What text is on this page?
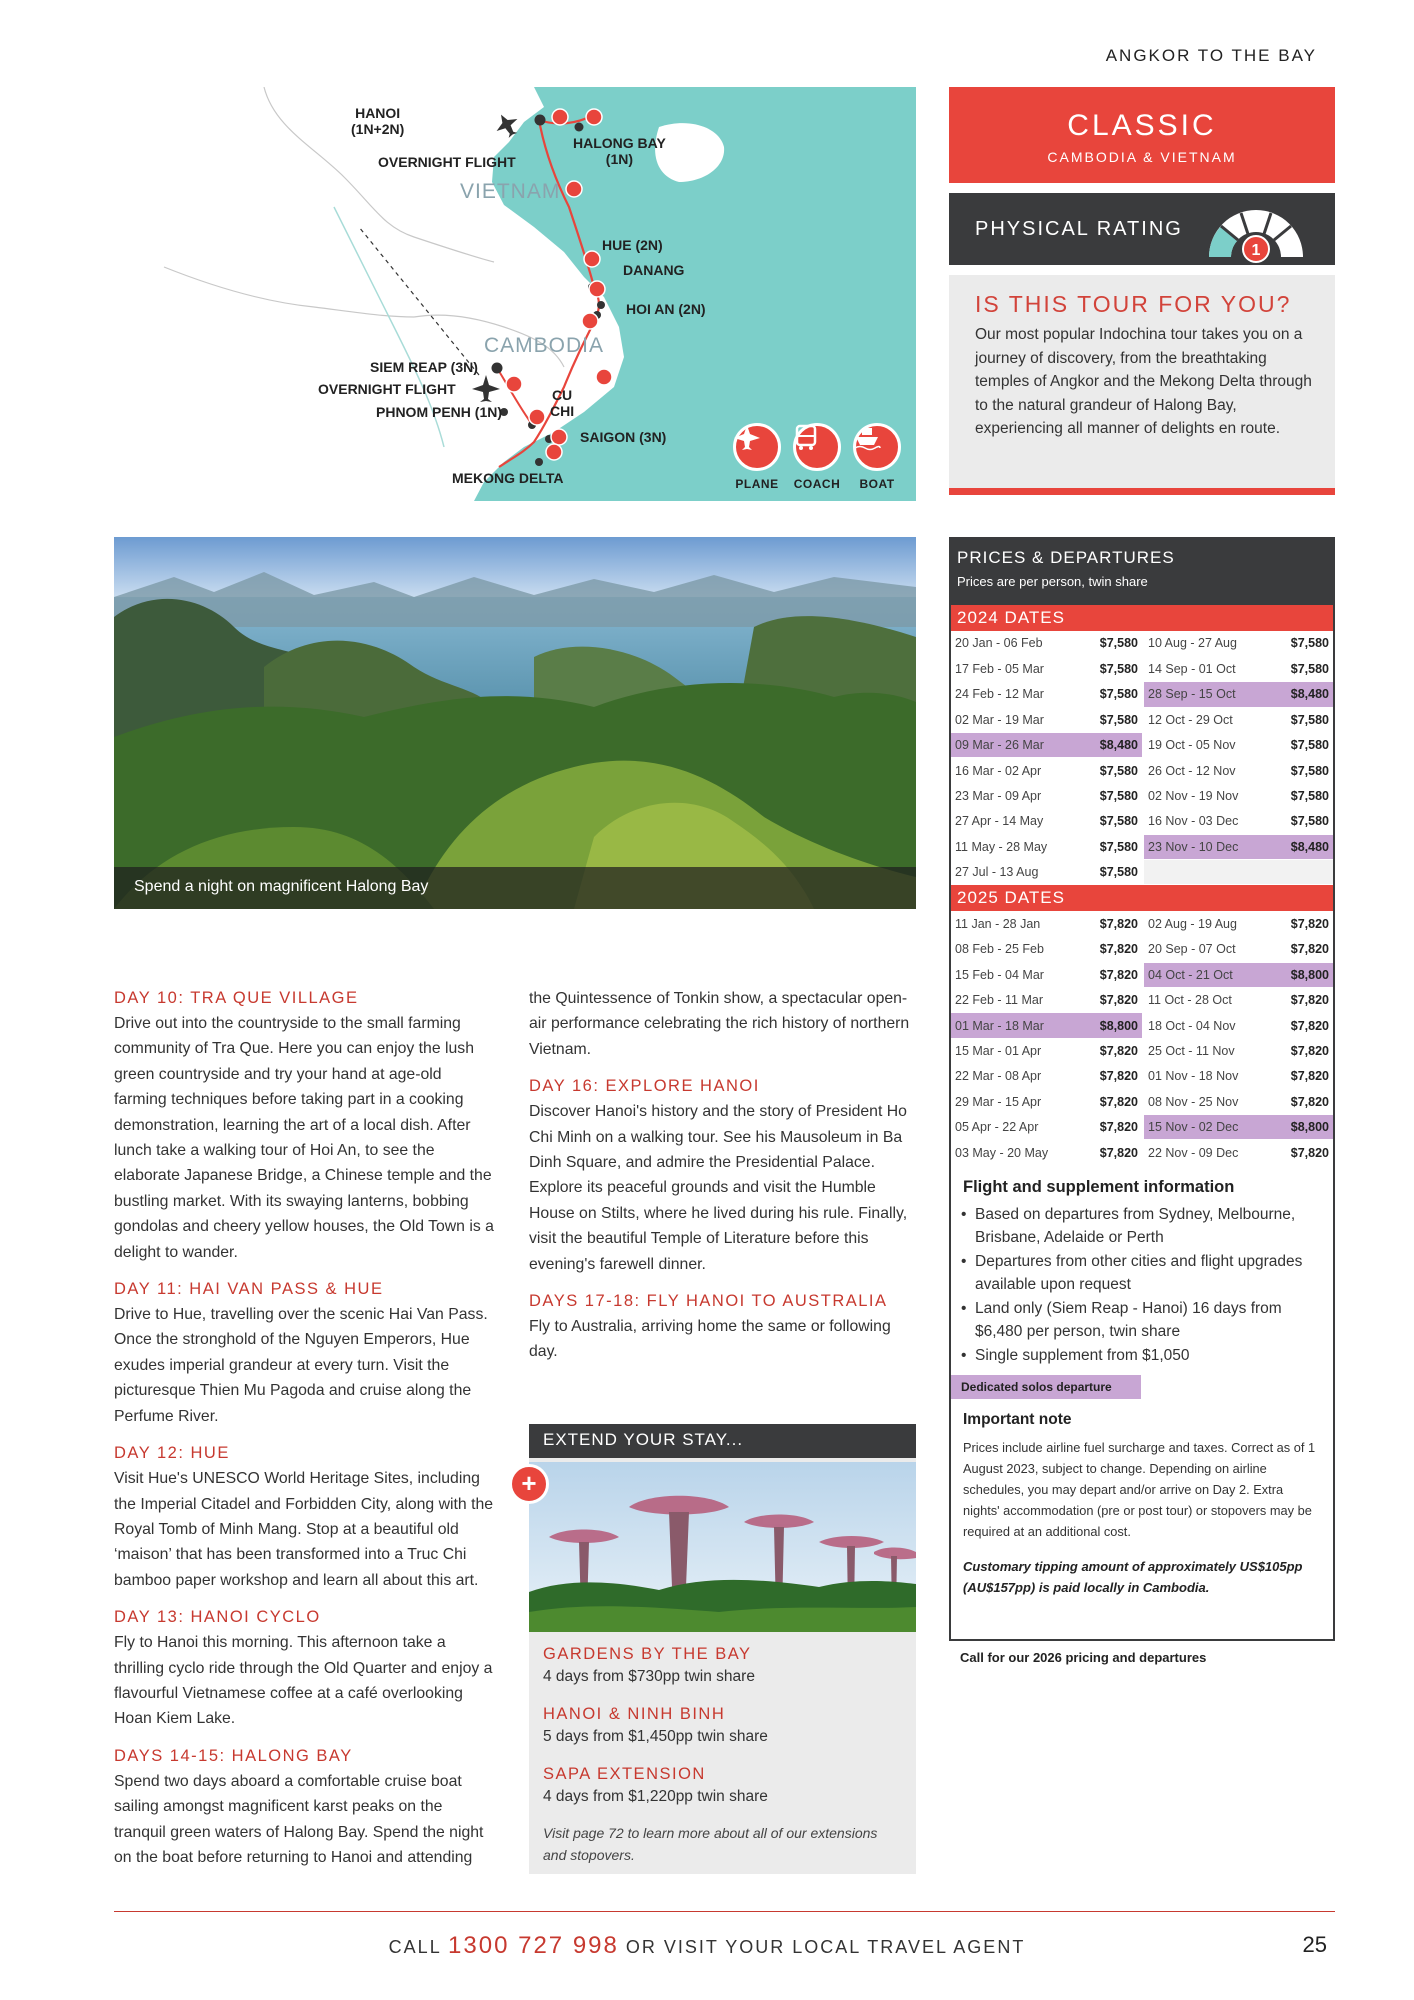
ANGKOR TO THE BAY
HANOI
(1N+2N)
OVERNIGHT FLIGHT
HALONG BAY
(1N)
VIETNAM
HUE (2N)
DANANG
HOI AN (2N)
CAMBODIA
SIEM REAP (3N)
OVERNIGHT FLIGHT
PHNOM PENH (1N)
CU
CHI
SAIGON (3N)
MEKONG DELTA	PLANE COACH	BOAT
CLASSIC
CAMBODIA & VIETNAM
PHYSICAL RATING
1
IS THIS TOUR FOR YOU?

Our most popular Indochina tour takes you on a journey of discovery, from the breathtaking temples of Angkor and the Mekong Delta through to the natural grandeur of Halong Bay, experiencing all manner of delights en route.

Spend a night on magnificent Halong Bay
PRICES & DEPARTURES
Prices are per person, twin share
2024 DATES
20 Jan - 06 Feb	$7,580	10 Aug - 27 Aug	$7,580
17 Feb - 05 Mar	$7,580	14 Sep - 01 Oct	$7,580
24 Feb - 12 Mar	$7,580	28 Sep - 15 Oct	$8,480
02 Mar - 19 Mar	$7,580	12 Oct - 29 Oct	$7,580
09 Mar - 26 Mar	$8,480	19 Oct - 05 Nov	$7,580
16 Mar - 02 Apr	$7,580	26 Oct - 12 Nov	$7,580
23 Mar - 09 Apr	$7,580	02 Nov - 19 Nov	$7,580
27 Apr - 14 May	$7,580	16 Nov - 03 Dec	$7,580
11 May - 28 May	$7,580	23 Nov - 10 Dec	$8,480
27 Jul - 13 Aug	$7,580		
2025 DATES
11 Jan - 28 Jan	$7,820	02 Aug - 19 Aug	$7,820
08 Feb - 25 Feb	$7,820	20 Sep - 07 Oct	$7,820
15 Feb - 04 Mar	$7,820	04 Oct - 21 Oct	$8,800
22 Feb - 11 Mar	$7,820	11 Oct - 28 Oct	$7,820
01 Mar - 18 Mar	$8,800	18 Oct - 04 Nov	$7,820
15 Mar - 01 Apr	$7,820	25 Oct - 11 Nov	$7,820
22 Mar - 08 Apr	$7,820	01 Nov - 18 Nov	$7,820
29 Mar - 15 Apr	$7,820	08 Nov - 25 Nov	$7,820
05 Apr - 22 Apr	$7,820	15 Nov - 02 Dec	$8,800
03 May - 20 May	$7,820	22 Nov - 09 Dec	$7,820
Flight and supplement information
• Based on departures from Sydney, Melbourne, Brisbane, Adelaide or Perth
• Departures from other cities and flight upgrades available upon request
• Land only (Siem Reap - Hanoi) 16 days from $6,480 per person, twin share
• Single supplement from $1,050
Dedicated solos departure
Important note
Prices include airline fuel surcharge and taxes. Correct as of 1 August 2023, subject to change. Depending on airline schedules, you may depart and/or arrive on Day 2. Extra nights' accommodation (pre or post tour) or stopovers may be required at an additional cost.
Customary tipping amount of approximately US$105pp (AU$157pp) is paid locally in Cambodia.
Call for our 2026 pricing and departures
DAY 10: TRA QUE VILLAGE

Drive out into the countryside to the small farming community of Tra Que. Here you can enjoy the lush green countryside and try your hand at age-old farming techniques before taking part in a cooking demonstration, learning the art of a local dish. After lunch take a walking tour of Hoi An, to see the elaborate Japanese Bridge, a Chinese temple and the bustling market. With its swaying lanterns, bobbing gondolas and cheery yellow houses, the Old Town is a delight to wander.

DAY 11: HAI VAN PASS & HUE

Drive to Hue, travelling over the scenic Hai Van Pass. Once the stronghold of the Nguyen Emperors, Hue exudes imperial grandeur at every turn. Visit the picturesque Thien Mu Pagoda and cruise along the Perfume River.

DAY 12: HUE

Visit Hue's UNESCO World Heritage Sites, including the Imperial Citadel and Forbidden City, along with the Royal Tomb of Minh Mang. Stop at a beautiful old ‘maison’ that has been transformed into a Truc Chi bamboo paper workshop and learn all about this art.

DAY 13: HANOI CYCLO

Fly to Hanoi this morning. This afternoon take a thrilling cyclo ride through the Old Quarter and enjoy a flavourful Vietnamese coffee at a café overlooking Hoan Kiem Lake.

DAYS 14-15: HALONG BAY

Spend two days aboard a comfortable cruise boat sailing amongst magnificent karst peaks on the tranquil green waters of Halong Bay. Spend the night on the boat before returning to Hanoi and attending

the Quintessence of Tonkin show, a spectacular open-air performance celebrating the rich history of northern Vietnam.

DAY 16: EXPLORE HANOI

Discover Hanoi's history and the story of President Ho Chi Minh on a walking tour. See his Mausoleum in Ba Dinh Square, and admire the Presidential Palace. Explore its peaceful grounds and visit the Humble House on Stilts, where he lived during his rule. Finally, visit the beautiful Temple of Literature before this evening's farewell dinner.

DAYS 17-18: FLY HANOI TO AUSTRALIA

Fly to Australia, arriving home the same or following day.

EXTEND YOUR STAY...
GARDENS BY THE BAY

4 days from $730pp twin share

HANOI & NINH BINH

5 days from $1,450pp twin share

SAPA EXTENSION

4 days from $1,220pp twin share

Visit page 72 to learn more about all of our extensions and stopovers.
+
CALL 1300 727 998 OR VISIT YOUR LOCAL TRAVEL AGENT	25
